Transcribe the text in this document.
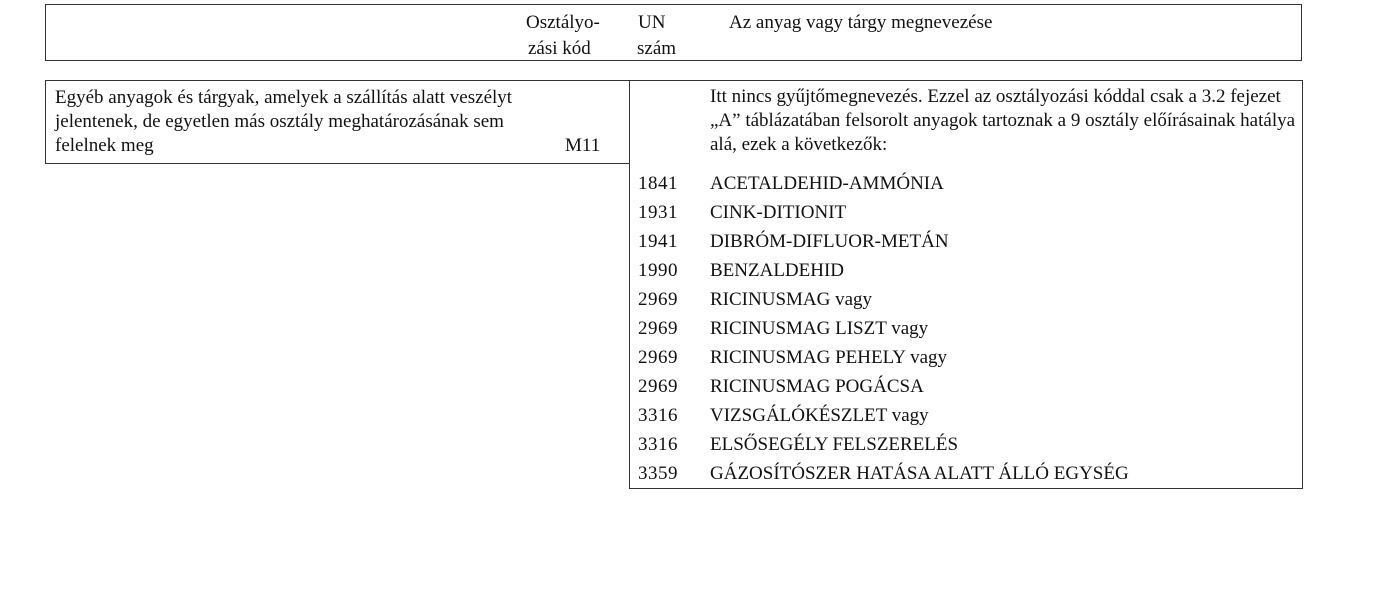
Osztályo-
zási kód
UN
szám
Az anyag vagy tárgy megnevezése
Egyéb anyagok és tárgyak, amelyek a szállítás alatt veszélyt jelentenek, de egyetlen más osztály meghatározásának sem felelnek meg	M11
Itt nincs gyűjtőmegnevezés. Ezzel az osztályozási kóddal csak a 3.2 fejezet „A” táblázatában felsorolt anyagok tartoznak a 9 osztály előírásainak hatálya alá, ezek a következők:
1841 ACETALDEHID-AMMÓNIA
1931 CINK-DITIONIT
1941 DIBRÓM-DIFLUOR-METÁN
1990 BENZALDEHID
2969 RICINUSMAG vagy
2969 RICINUSMAG LISZT vagy
2969 RICINUSMAG PEHELY vagy
2969 RICINUSMAG POGÁCSA
3316 VIZSGÁLÓKÉSZLET vagy
3316 ELSŐSEGÉLY FELSZERELÉS
3359 GÁZOSÍTÓSZER HATÁSA ALATT ÁLLÓ EGYSÉG
